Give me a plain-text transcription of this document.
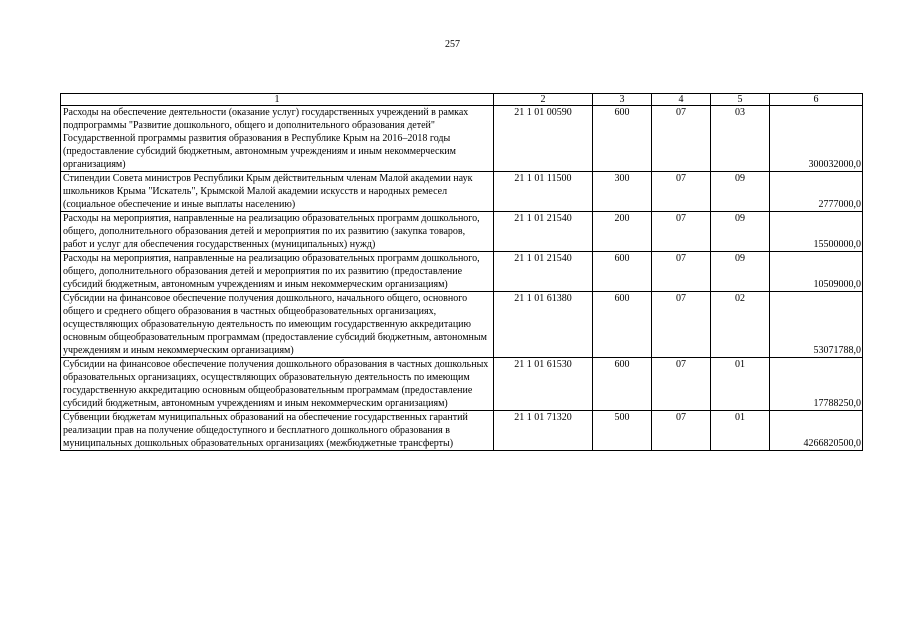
257
1	2	3	4	5	6
Расходы на обеспечение деятельности (оказание услуг) государственных учреждений в рамках подпрограммы "Развитие дошкольного, общего и дополнительного образования детей" Государственной программы развития образования в Республике Крым на 2016–2018 годы (предоставление субсидий бюджетным, автономным учреждениям и иным некоммерческим организациям)	21 1 01 00590	600	07	03	300032000,0
Стипендии Совета министров Республики Крым действительным членам Малой академии наук школьников Крыма "Искатель", Крымской Малой академии искусств и народных ремесел (социальное обеспечение и иные выплаты населению)	21 1 01 11500	300	07	09	2777000,0
Расходы на мероприятия, направленные на реализацию образовательных программ дошкольного, общего, дополнительного образования детей и мероприятия по их развитию (закупка товаров, работ и услуг для обеспечения государственных (муниципальных) нужд)	21 1 01 21540	200	07	09	15500000,0
Расходы на мероприятия, направленные на реализацию образовательных программ дошкольного, общего, дополнительного образования детей и мероприятия по их развитию (предоставление субсидий бюджетным, автономным учреждениям и иным некоммерческим организациям)	21 1 01 21540	600	07	09	10509000,0
Субсидии на финансовое обеспечение получения дошкольного, начального общего, основного общего и среднего общего образования в частных общеобразовательных организациях, осуществляющих образовательную деятельность по имеющим государственную аккредитацию основным общеобразовательным программам (предоставление субсидий бюджетным, автономным учреждениям и иным некоммерческим организациям)	21 1 01 61380	600	07	02	53071788,0
Субсидии на финансовое обеспечение получения дошкольного образования в частных дошкольных образовательных организациях, осуществляющих образовательную деятельность по имеющим государственную аккредитацию основным общеобразовательным программам (предоставление субсидий бюджетным, автономным учреждениям и иным некоммерческим организациям)	21 1 01 61530	600	07	01	17788250,0
Субвенции бюджетам муниципальных образований на обеспечение государственных гарантий реализации прав на получение общедоступного и бесплатного дошкольного образования в муниципальных дошкольных образовательных организациях (межбюджетные трансферты)	21 1 01 71320	500	07	01	4266820500,0
